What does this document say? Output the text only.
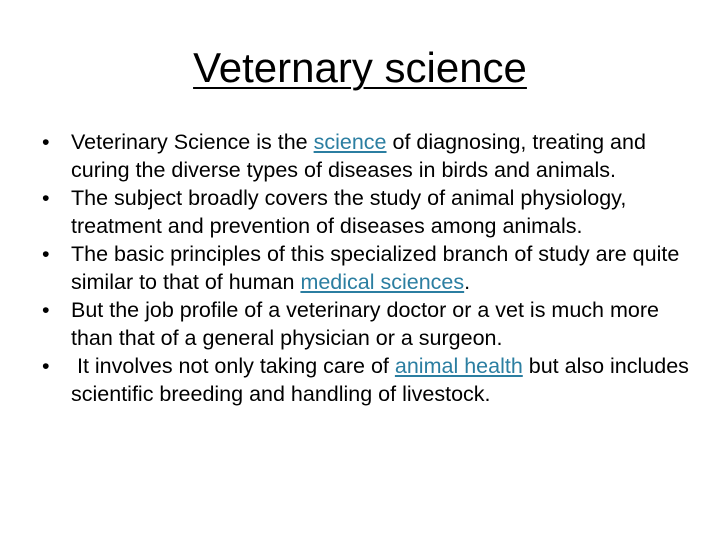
Veternary science
• Veterinary Science is the science of diagnosing, treating and curing the diverse types of diseases in birds and animals.
• The subject broadly covers the study of animal physiology, treatment and prevention of diseases among animals.
• The basic principles of this specialized branch of study are quite similar to that of human medical sciences.
• But the job profile of a veterinary doctor or a vet is much more than that of a general physician or a surgeon.
• It involves not only taking care of animal health but also includes scientific breeding and handling of livestock.
